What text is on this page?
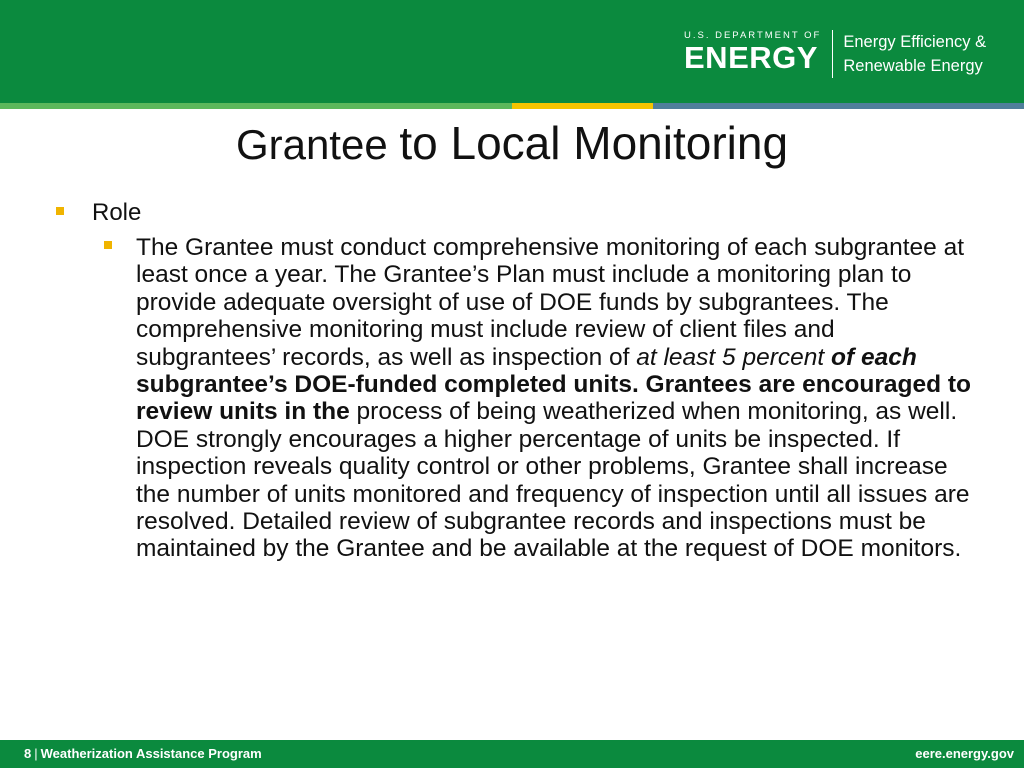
U.S. DEPARTMENT OF
ENERGY Energy Efficiency &
Renewable Energy
Grantee to Local Monitoring
Role
The Grantee must conduct comprehensive monitoring of each subgrantee at least once a year. The Grantee’s Plan must include a monitoring plan to provide adequate oversight of use of DOE funds by subgrantees. The comprehensive monitoring must include review of client files and subgrantees’ records, as well as inspection of at least 5 percent of each subgrantee’s DOE-funded completed units. Grantees are encouraged to review units in the process of being weatherized when monitoring, as well. DOE strongly encourages a higher percentage of units be inspected. If inspection reveals quality control or other problems, Grantee shall increase the number of units monitored and frequency of inspection until all issues are resolved. Detailed review of subgrantee records and inspections must be maintained by the Grantee and be available at the request of DOE monitors.
8 | Weatherization Assistance Program	eere.energy.gov
